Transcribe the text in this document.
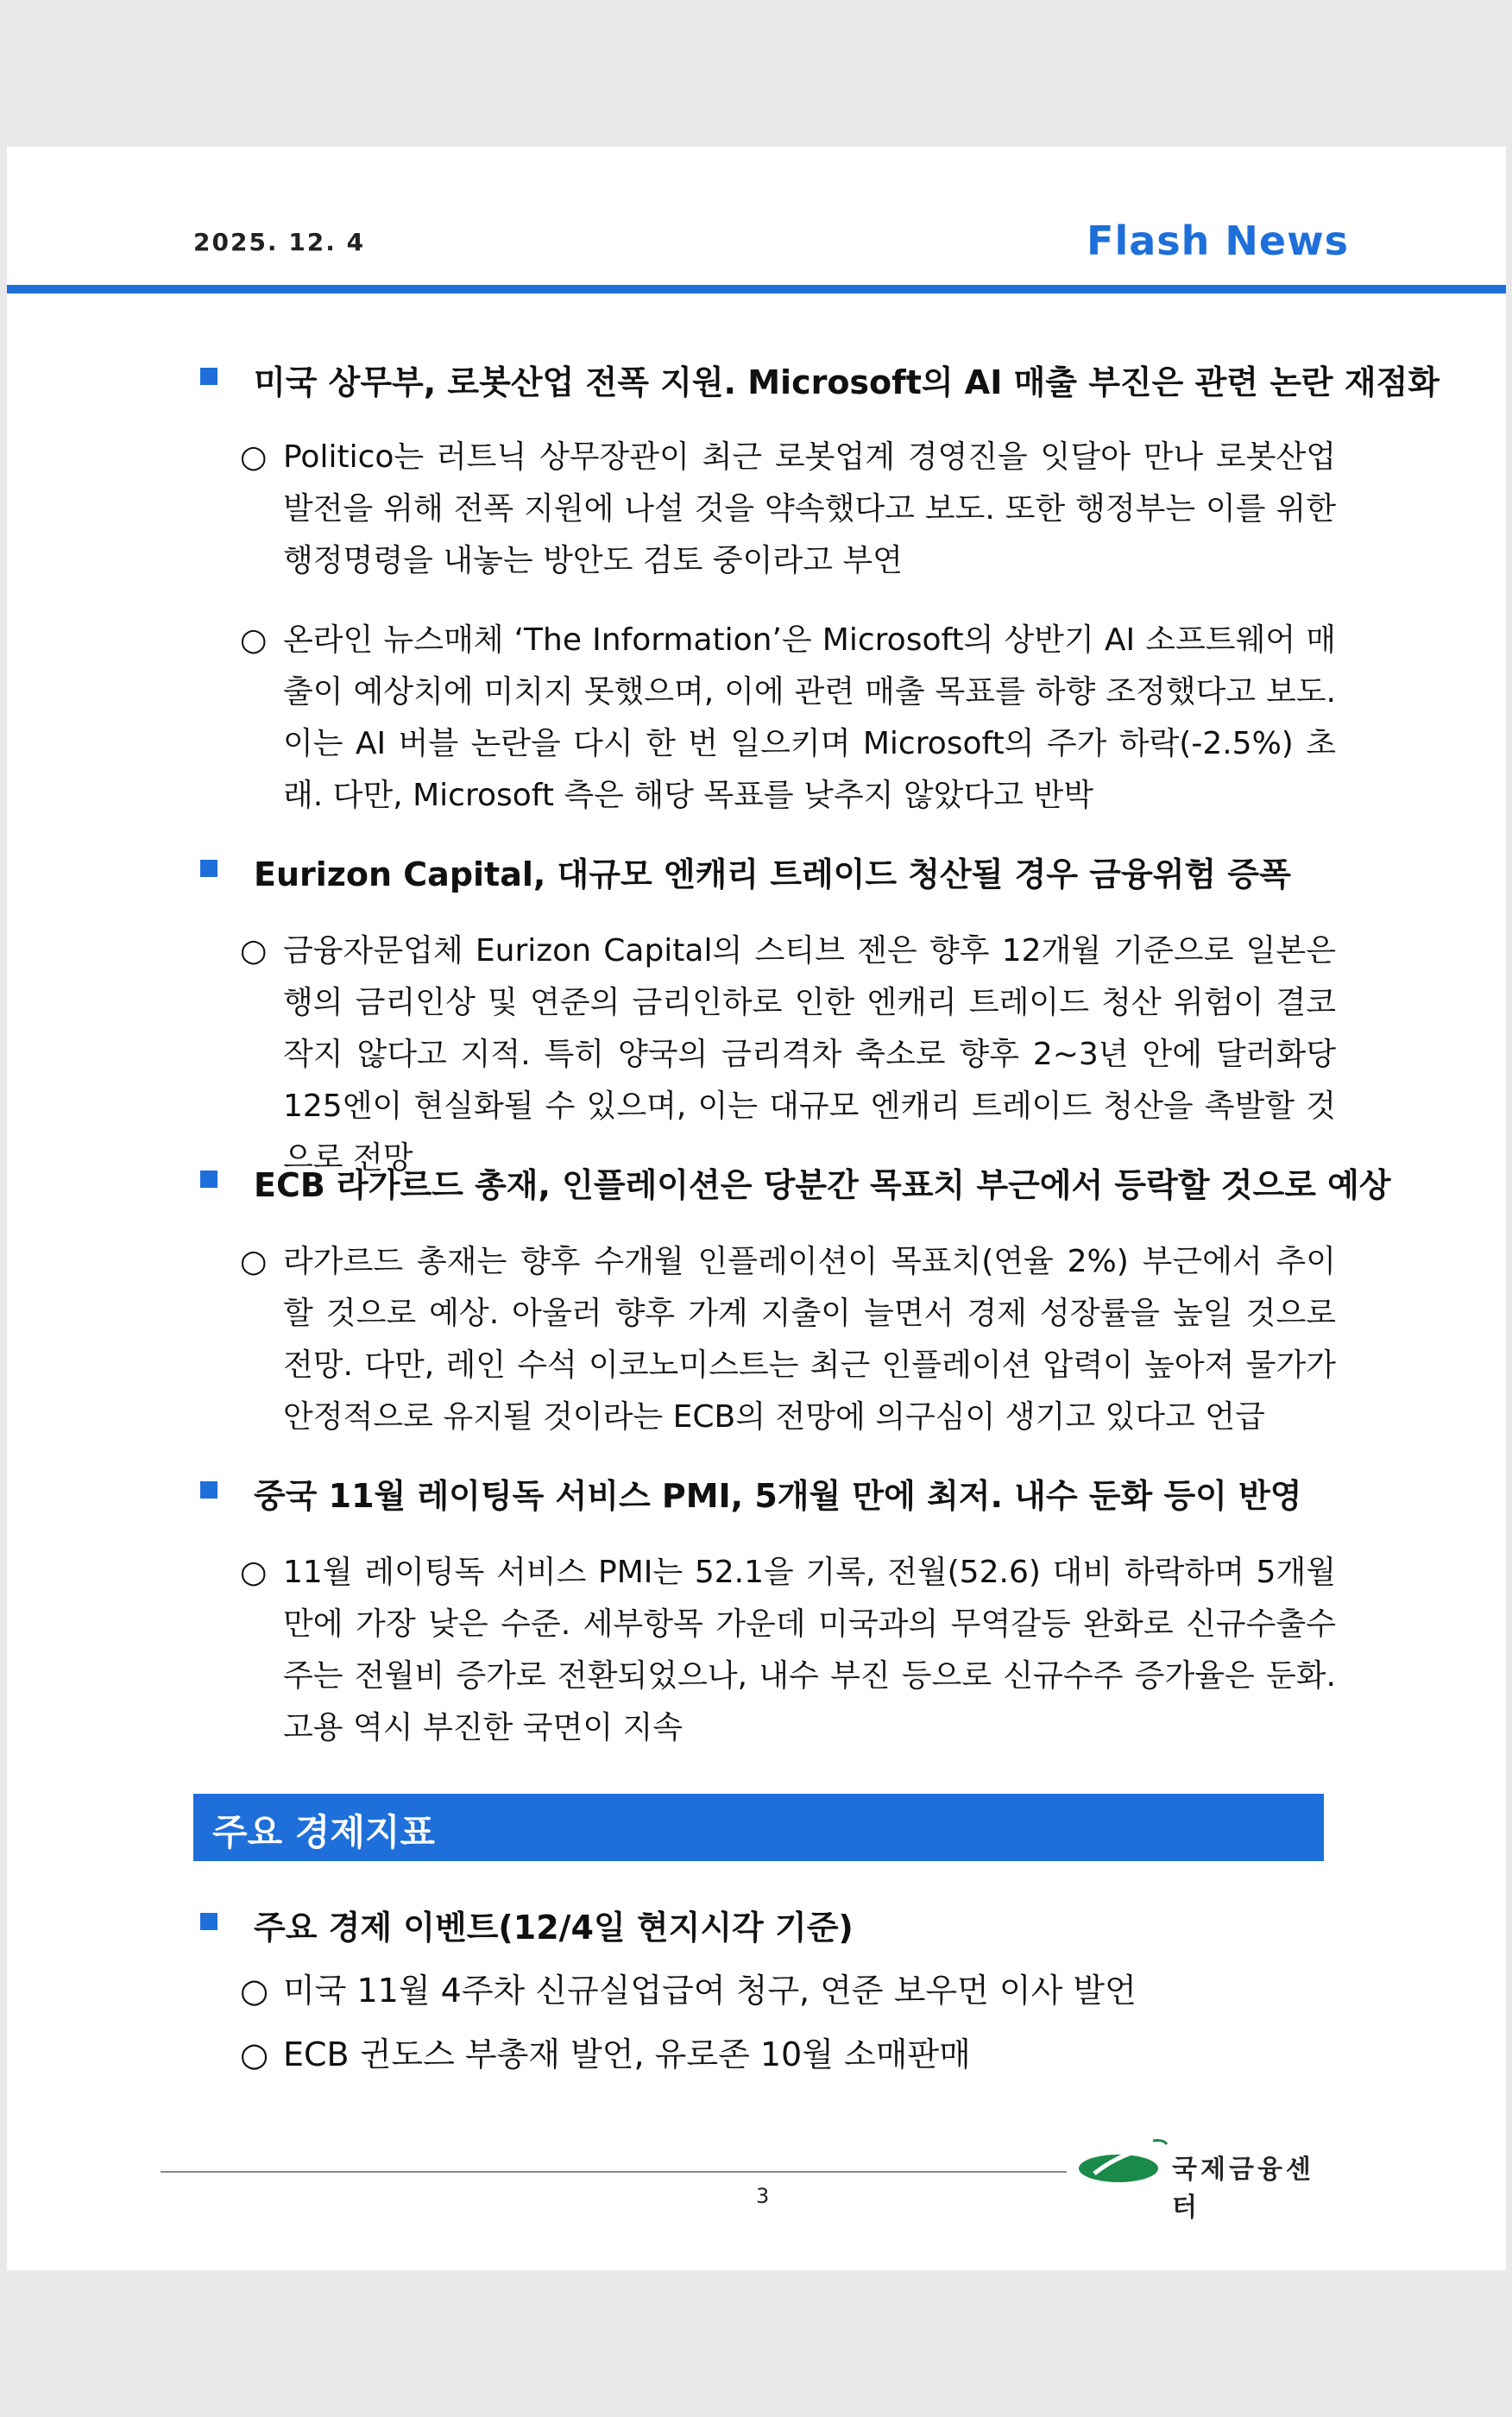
2025. 12. 4	Flash News
미국 상무부, 로봇산업 전폭 지원. Microsoft의 AI 매출 부진은 관련 논란 재점화
○ Politico는 러트닉 상무장관이 최근 로봇업계 경영진을 잇달아 만나 로봇산업 발전을 위해 전폭 지원에 나설 것을 약속했다고 보도. 또한 행정부는 이를 위한 행정명령을 내놓는 방안도 검토 중이라고 부연
○ 온라인 뉴스매체 ‘The Information’은 Microsoft의 상반기 AI 소프트웨어 매출이 예상치에 미치지 못했으며, 이에 관련 매출 목표를 하향 조정했다고 보도. 이는 AI 버블 논란을 다시 한 번 일으키며 Microsoft의 주가 하락(-2.5%) 초래. 다만, Microsoft 측은 해당 목표를 낮추지 않았다고 반박
Eurizon Capital, 대규모 엔캐리 트레이드 청산될 경우 금융위험 증폭
○ 금융자문업체 Eurizon Capital의 스티브 젠은 향후 12개월 기준으로 일본은행의 금리인상 및 연준의 금리인하로 인한 엔캐리 트레이드 청산 위험이 결코 작지 않다고 지적. 특히 양국의 금리격차 축소로 향후 2~3년 안에 달러화당 125엔이 현실화될 수 있으며, 이는 대규모 엔캐리 트레이드 청산을 촉발할 것으로 전망
ECB 라가르드 총재, 인플레이션은 당분간 목표치 부근에서 등락할 것으로 예상
○ 라가르드 총재는 향후 수개월 인플레이션이 목표치(연율 2%) 부근에서 추이할 것으로 예상. 아울러 향후 가계 지출이 늘면서 경제 성장률을 높일 것으로 전망. 다만, 레인 수석 이코노미스트는 최근 인플레이션 압력이 높아져 물가가 안정적으로 유지될 것이라는 ECB의 전망에 의구심이 생기고 있다고 언급
중국 11월 레이팅독 서비스 PMI, 5개월 만에 최저. 내수 둔화 등이 반영
○ 11월 레이팅독 서비스 PMI는 52.1을 기록, 전월(52.6) 대비 하락하며 5개월 만에 가장 낮은 수준. 세부항목 가운데 미국과의 무역갈등 완화로 신규수출수주는 전월비 증가로 전환되었으나, 내수 부진 등으로 신규수주 증가율은 둔화. 고용 역시 부진한 국면이 지속
주요 경제지표
주요 경제 이벤트(12/4일 현지시각 기준)
○ 미국 11월 4주차 신규실업급여 청구, 연준 보우먼 이사 발언
○ ECB 귄도스 부총재 발언, 유로존 10월 소매판매
3
국제금융센터
